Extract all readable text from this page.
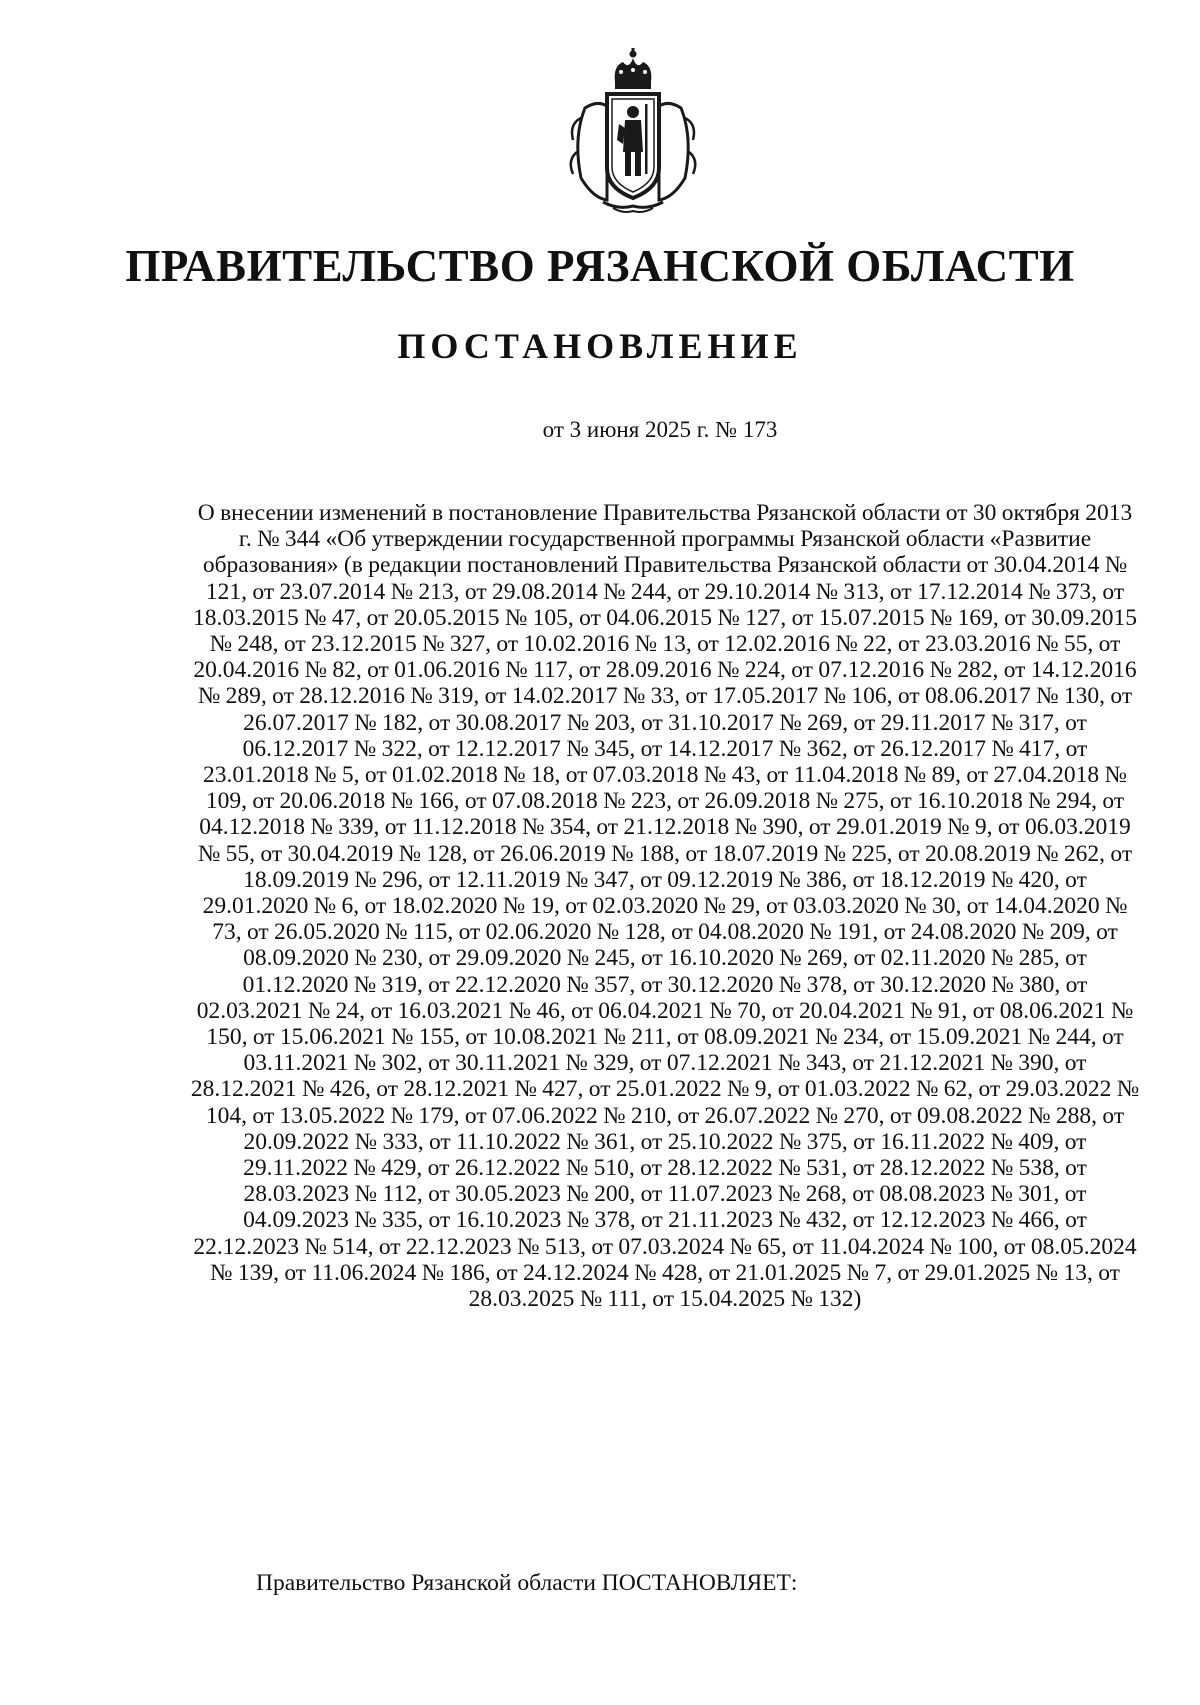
ПРАВИТЕЛЬСТВО РЯЗАНСКОЙ ОБЛАСТИ
ПОСТАНОВЛЕНИЕ
от 3 июня 2025 г. № 173

О внесении изменений в постановление Правительства Рязанской области от 30 октября 2013 г. № 344 «Об утверждении государственной программы Рязанской области «Развитие образования» (в редакции постановлений Правительства Рязанской области от 30.04.2014 № 121, от 23.07.2014 № 213, от 29.08.2014 № 244, от 29.10.2014 № 313, от 17.12.2014 № 373, от 18.03.2015 № 47, от 20.05.2015 № 105, от 04.06.2015 № 127, от 15.07.2015 № 169, от 30.09.2015 № 248, от 23.12.2015 № 327, от 10.02.2016 № 13, от 12.02.2016 № 22, от 23.03.2016 № 55, от 20.04.2016 № 82, от 01.06.2016 № 117, от 28.09.2016 № 224, от 07.12.2016 № 282, от 14.12.2016 № 289, от 28.12.2016 № 319, от 14.02.2017 № 33, от 17.05.2017 № 106, от 08.06.2017 № 130, от 26.07.2017 № 182, от 30.08.2017 № 203, от 31.10.2017 № 269, от 29.11.2017 № 317, от 06.12.2017 № 322, от 12.12.2017 № 345, от 14.12.2017 № 362, от 26.12.2017 № 417, от 23.01.2018 № 5, от 01.02.2018 № 18, от 07.03.2018 № 43, от 11.04.2018 № 89, от 27.04.2018 № 109, от 20.06.2018 № 166, от 07.08.2018 № 223, от 26.09.2018 № 275, от 16.10.2018 № 294, от 04.12.2018 № 339, от 11.12.2018 № 354, от 21.12.2018 № 390, от 29.01.2019 № 9, от 06.03.2019 № 55, от 30.04.2019 № 128, от 26.06.2019 № 188, от 18.07.2019 № 225, от 20.08.2019 № 262, от 18.09.2019 № 296, от 12.11.2019 № 347, от 09.12.2019 № 386, от 18.12.2019 № 420, от 29.01.2020 № 6, от 18.02.2020 № 19, от 02.03.2020 № 29, от 03.03.2020 № 30, от 14.04.2020 № 73, от 26.05.2020 № 115, от 02.06.2020 № 128, от 04.08.2020 № 191, от 24.08.2020 № 209, от 08.09.2020 № 230, от 29.09.2020 № 245, от 16.10.2020 № 269, от 02.11.2020 № 285, от 01.12.2020 № 319, от 22.12.2020 № 357, от 30.12.2020 № 378, от 30.12.2020 № 380, от 02.03.2021 № 24, от 16.03.2021 № 46, от 06.04.2021 № 70, от 20.04.2021 № 91, от 08.06.2021 № 150, от 15.06.2021 № 155, от 10.08.2021 № 211, от 08.09.2021 № 234, от 15.09.2021 № 244, от 03.11.2021 № 302, от 30.11.2021 № 329, от 07.12.2021 № 343, от 21.12.2021 № 390, от 28.12.2021 № 426, от 28.12.2021 № 427, от 25.01.2022 № 9, от 01.03.2022 № 62, от 29.03.2022 № 104, от 13.05.2022 № 179, от 07.06.2022 № 210, от 26.07.2022 № 270, от 09.08.2022 № 288, от 20.09.2022 № 333, от 11.10.2022 № 361, от 25.10.2022 № 375, от 16.11.2022 № 409, от 29.11.2022 № 429, от 26.12.2022 № 510, от 28.12.2022 № 531, от 28.12.2022 № 538, от 28.03.2023 № 112, от 30.05.2023 № 200, от 11.07.2023 № 268, от 08.08.2023 № 301, от 04.09.2023 № 335, от 16.10.2023 № 378, от 21.11.2023 № 432, от 12.12.2023 № 466, от 22.12.2023 № 514, от 22.12.2023 № 513, от 07.03.2024 № 65, от 11.04.2024 № 100, от 08.05.2024 № 139, от 11.06.2024 № 186, от 24.12.2024 № 428, от 21.01.2025 № 7, от 29.01.2025 № 13, от 28.03.2025 № 111, от 15.04.2025 № 132)

Правительство Рязанской области ПОСТАНОВЛЯЕТ:
